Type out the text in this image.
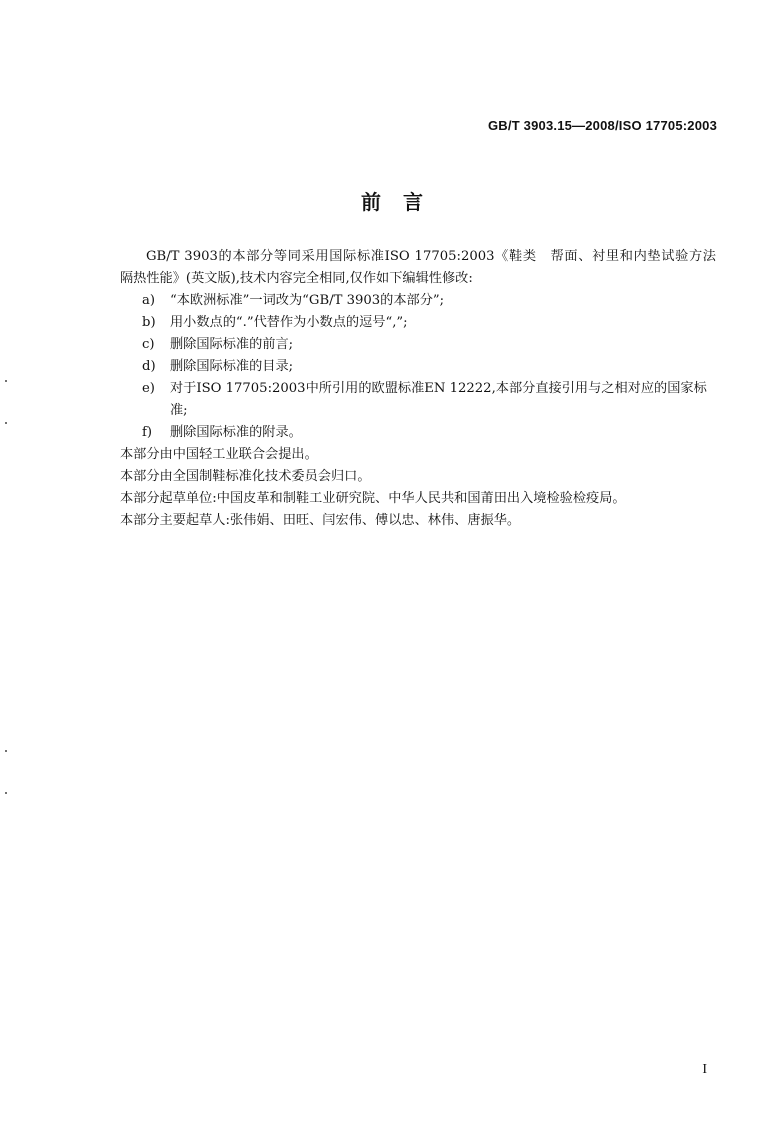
GB/T 3903.15—2008/ISO 17705:2003
前言

GB/T 3903的本部分等同采用国际标准ISO 17705:2003《鞋类　帮面、衬里和内垫试验方法　隔热性能》(英文版),技术内容完全相同,仅作如下编辑性修改:

a)	“本欧洲标准”一词改为“GB/T 3903的本部分”;
b)	用小数点的“.”代替作为小数点的逗号“,”;
c)	删除国际标准的前言;
d)	删除国际标准的目录;
e)	对于ISO 17705:2003中所引用的欧盟标准EN 12222,本部分直接引用与之相对应的国家标准;
f)	删除国际标准的附录。

本部分由中国轻工业联合会提出。

本部分由全国制鞋标准化技术委员会归口。

本部分起草单位:中国皮革和制鞋工业研究院、中华人民共和国莆田出入境检验检疫局。

本部分主要起草人:张伟娟、田旺、闫宏伟、傅以忠、林伟、唐振华。

I
